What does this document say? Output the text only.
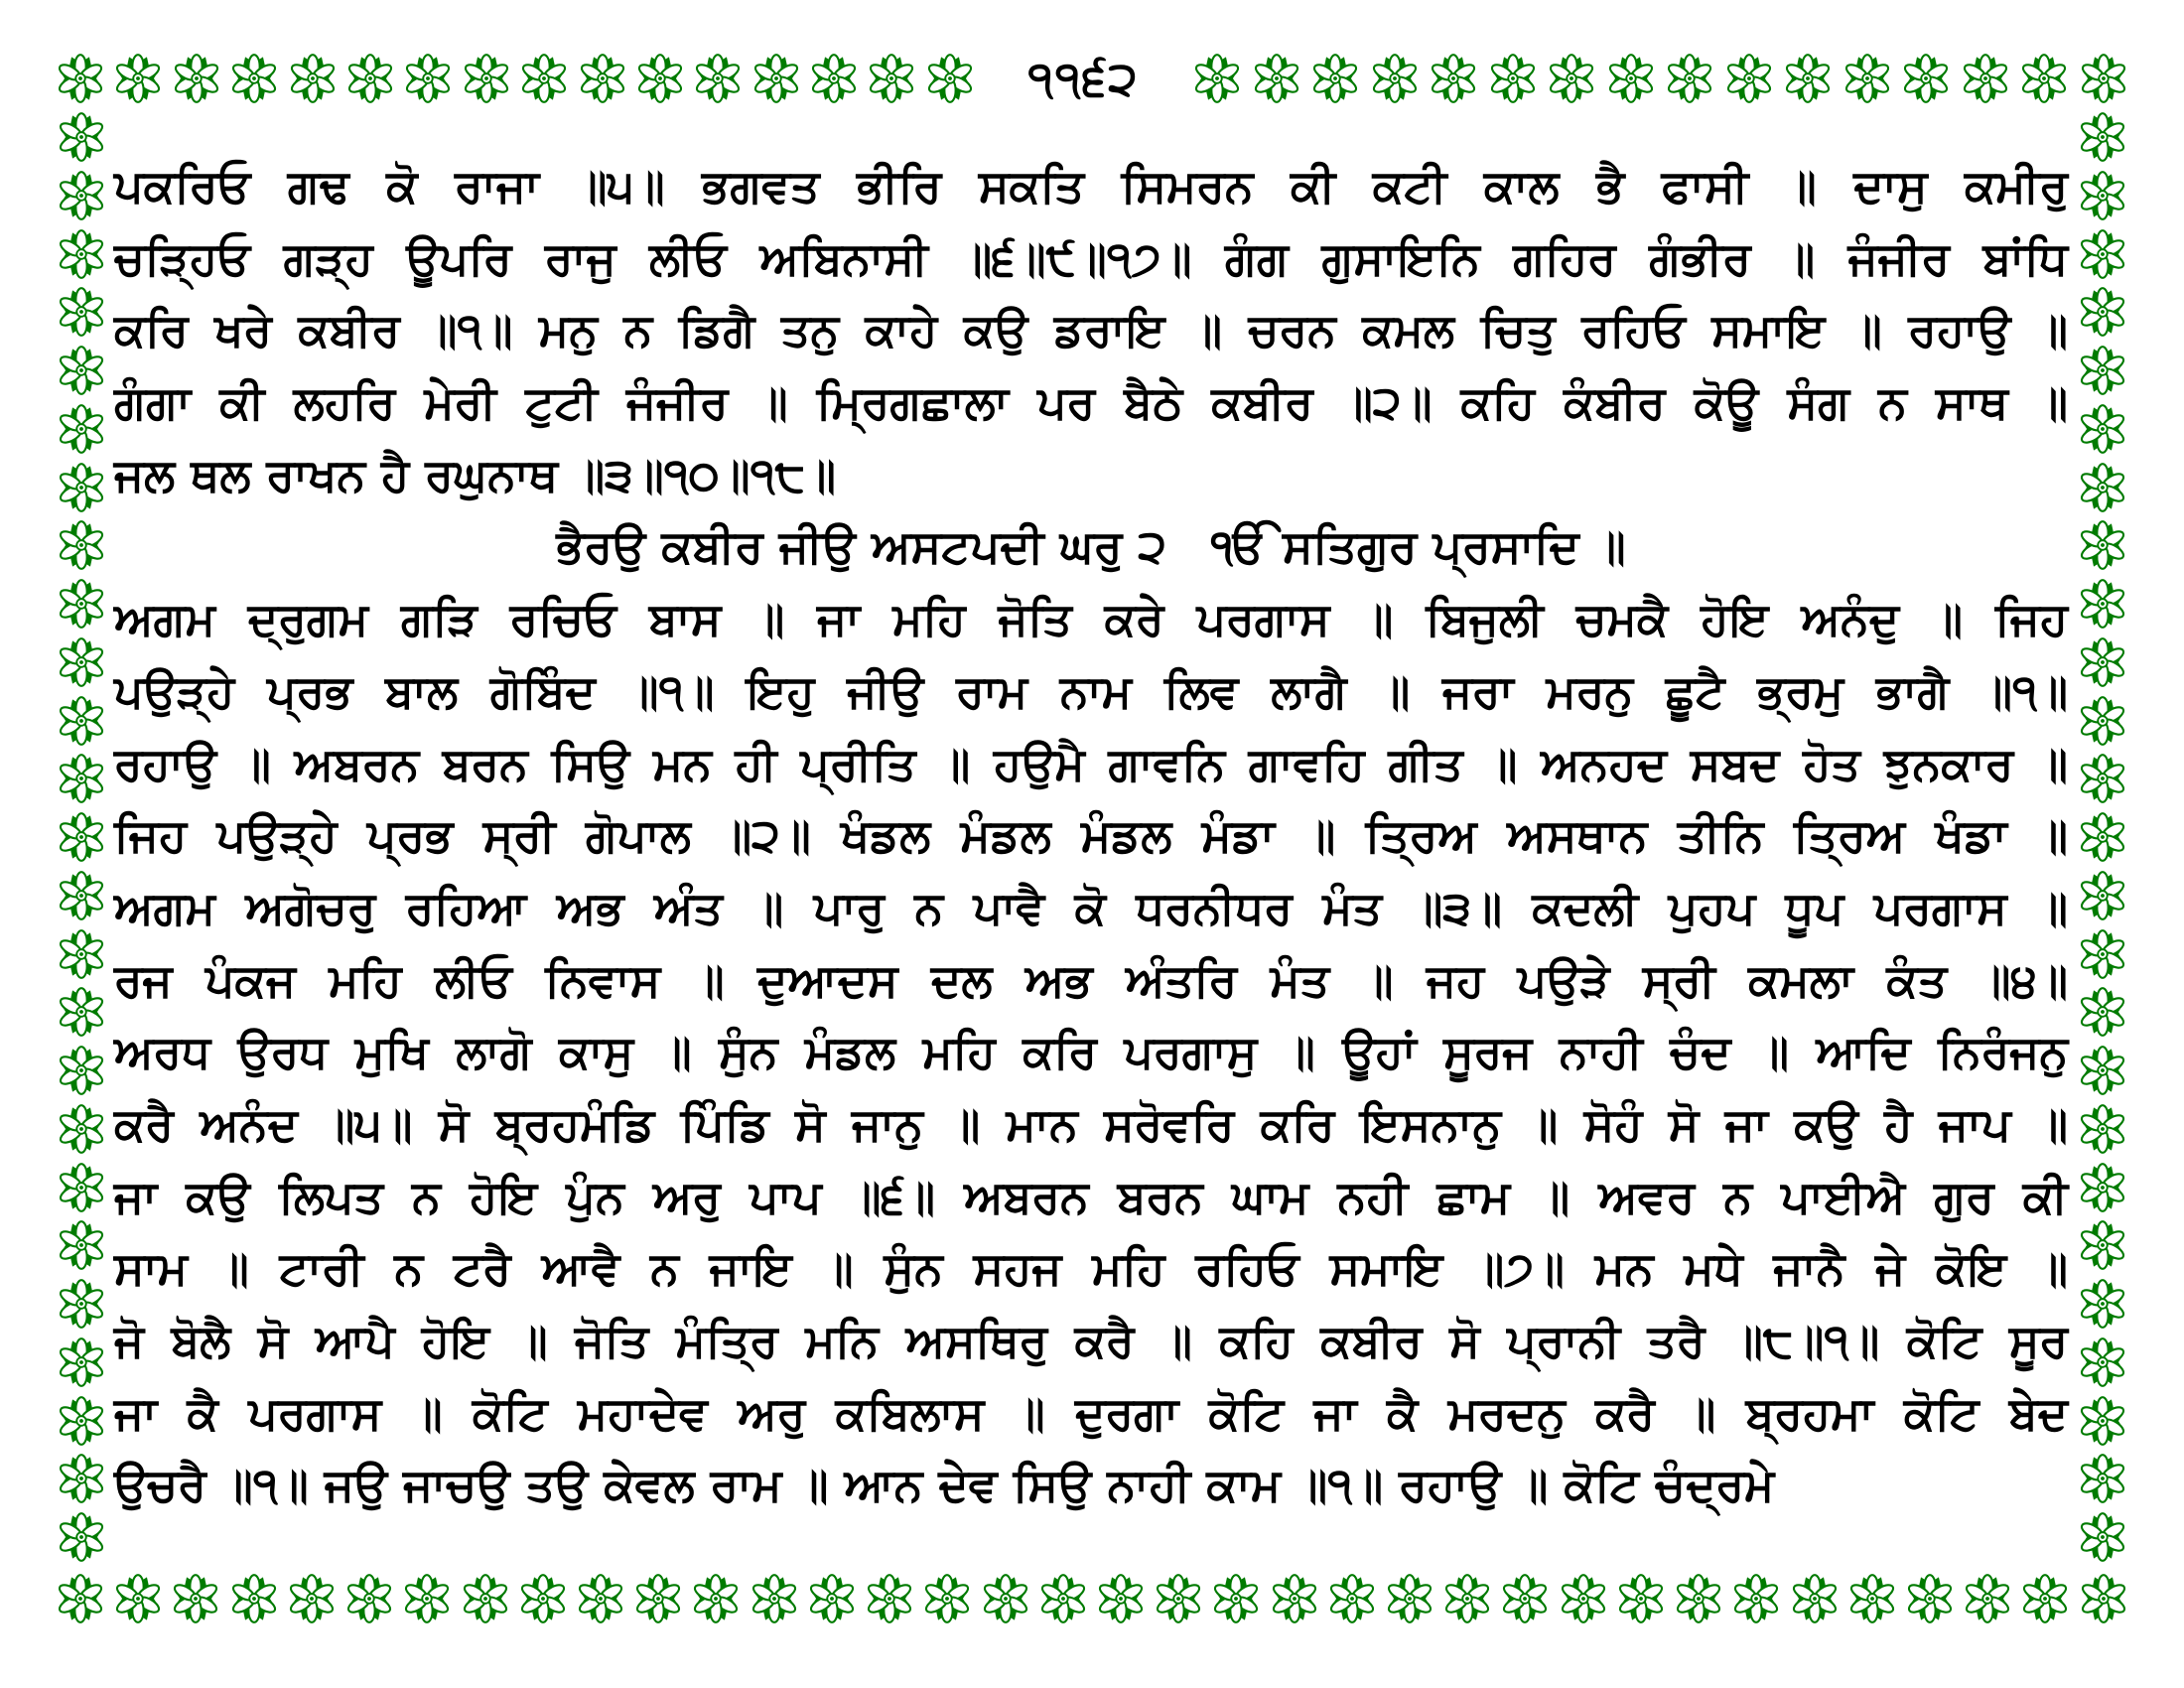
੧੧੬੨
ਪਕਰਿਓ ਗਢ ਕੋ ਰਾਜਾ ॥੫॥ ਭਗਵਤ ਭੀਰਿ ਸਕਤਿ ਸਿਮਰਨ ਕੀ ਕਟੀ ਕਾਲ ਭੈ ਫਾਸੀ ॥ ਦਾਸੁ ਕਮੀਰੁ
ਚੜ੍ਹਿਓ ਗੜ੍ਹ ਊਪਰਿ ਰਾਜੁ ਲੀਓ ਅਬਿਨਾਸੀ ॥੬॥੯॥੧੭॥ ਗੰਗ ਗੁਸਾਇਨਿ ਗਹਿਰ ਗੰਭੀਰ ॥ ਜੰਜੀਰ ਬਾਂਧਿ
ਕਰਿ ਖਰੇ ਕਬੀਰ ॥੧॥ ਮਨੁ ਨ ਡਿਗੈ ਤਨੁ ਕਾਹੇ ਕਉ ਡਰਾਇ ॥ ਚਰਨ ਕਮਲ ਚਿਤੁ ਰਹਿਓ ਸਮਾਇ ॥ ਰਹਾਉ ॥
ਗੰਗਾ ਕੀ ਲਹਰਿ ਮੇਰੀ ਟੁਟੀ ਜੰਜੀਰ ॥ ਮ੍ਰਿਗਛਾਲਾ ਪਰ ਬੈਠੇ ਕਬੀਰ ॥੨॥ ਕਹਿ ਕੰਬੀਰ ਕੋਊ ਸੰਗ ਨ ਸਾਥ ॥
ਜਲ ਥਲ ਰਾਖਨ ਹੈ ਰਘੁਨਾਥ ॥੩॥੧੦॥੧੮॥
ਭੈਰਉ ਕਬੀਰ ਜੀਉ ਅਸਟਪਦੀ ਘਰੁ ੨ ੴ ਸਤਿਗੁਰ ਪ੍ਰਸਾਦਿ ॥
ਅਗਮ ਦ੍ਰੁਗਮ ਗੜਿ ਰਚਿਓ ਬਾਸ ॥ ਜਾ ਮਹਿ ਜੋਤਿ ਕਰੇ ਪਰਗਾਸ ॥ ਬਿਜੁਲੀ ਚਮਕੈ ਹੋਇ ਅਨੰਦੁ ॥ ਜਿਹ
ਪਉੜ੍ਹੇ ਪ੍ਰਭ ਬਾਲ ਗੋਬਿੰਦ ॥੧॥ ਇਹੁ ਜੀਉ ਰਾਮ ਨਾਮ ਲਿਵ ਲਾਗੈ ॥ ਜਰਾ ਮਰਨੁ ਛੂਟੈ ਭ੍ਰਮੁ ਭਾਗੈ ॥੧॥
ਰਹਾਉ ॥ ਅਬਰਨ ਬਰਨ ਸਿਉ ਮਨ ਹੀ ਪ੍ਰੀਤਿ ॥ ਹਉਮੈ ਗਾਵਨਿ ਗਾਵਹਿ ਗੀਤ ॥ ਅਨਹਦ ਸਬਦ ਹੋਤ ਝੁਨਕਾਰ ॥
ਜਿਹ ਪਉੜ੍ਹੇ ਪ੍ਰਭ ਸ੍ਰੀ ਗੋਪਾਲ ॥੨॥ ਖੰਡਲ ਮੰਡਲ ਮੰਡਲ ਮੰਡਾ ॥ ਤ੍ਰਿਅ ਅਸਥਾਨ ਤੀਨਿ ਤ੍ਰਿਅ ਖੰਡਾ ॥
ਅਗਮ ਅਗੋਚਰੁ ਰਹਿਆ ਅਭ ਅੰਤ ॥ ਪਾਰੁ ਨ ਪਾਵੈ ਕੋ ਧਰਨੀਧਰ ਮੰਤ ॥੩॥ ਕਦਲੀ ਪੁਹਪ ਧੂਪ ਪਰਗਾਸ ॥
ਰਜ ਪੰਕਜ ਮਹਿ ਲੀਓ ਨਿਵਾਸ ॥ ਦੁਆਦਸ ਦਲ ਅਭ ਅੰਤਰਿ ਮੰਤ ॥ ਜਹ ਪਉੜੇ ਸ੍ਰੀ ਕਮਲਾ ਕੰਤ ॥੪॥
ਅਰਧ ਉਰਧ ਮੁਖਿ ਲਾਗੋ ਕਾਸੁ ॥ ਸੁੰਨ ਮੰਡਲ ਮਹਿ ਕਰਿ ਪਰਗਾਸੁ ॥ ਊਹਾਂ ਸੂਰਜ ਨਾਹੀ ਚੰਦ ॥ ਆਦਿ ਨਿਰੰਜਨੁ
ਕਰੈ ਅਨੰਦ ॥੫॥ ਸੋ ਬ੍ਰਹਮੰਡਿ ਪਿੰਡਿ ਸੋ ਜਾਨੁ ॥ ਮਾਨ ਸਰੋਵਰਿ ਕਰਿ ਇਸਨਾਨੁ ॥ ਸੋਹੰ ਸੋ ਜਾ ਕਉ ਹੈ ਜਾਪ ॥
ਜਾ ਕਉ ਲਿਪਤ ਨ ਹੋਇ ਪੁੰਨ ਅਰੁ ਪਾਪ ॥੬॥ ਅਬਰਨ ਬਰਨ ਘਾਮ ਨਹੀ ਛਾਮ ॥ ਅਵਰ ਨ ਪਾਈਐ ਗੁਰ ਕੀ
ਸਾਮ ॥ ਟਾਰੀ ਨ ਟਰੈ ਆਵੈ ਨ ਜਾਇ ॥ ਸੁੰਨ ਸਹਜ ਮਹਿ ਰਹਿਓ ਸਮਾਇ ॥੭॥ ਮਨ ਮਧੇ ਜਾਨੈ ਜੇ ਕੋਇ ॥
ਜੋ ਬੋਲੈ ਸੋ ਆਪੈ ਹੋਇ ॥ ਜੋਤਿ ਮੰਤ੍ਰਿ ਮਨਿ ਅਸਥਿਰੁ ਕਰੈ ॥ ਕਹਿ ਕਬੀਰ ਸੋ ਪ੍ਰਾਨੀ ਤਰੈ ॥੮॥੧॥ ਕੋਟਿ ਸੂਰ
ਜਾ ਕੈ ਪਰਗਾਸ ॥ ਕੋਟਿ ਮਹਾਦੇਵ ਅਰੁ ਕਬਿਲਾਸ ॥ ਦੁਰਗਾ ਕੋਟਿ ਜਾ ਕੈ ਮਰਦਨੁ ਕਰੈ ॥ ਬ੍ਰਹਮਾ ਕੋਟਿ ਬੇਦ
ਉਚਰੈ ॥੧॥ ਜਉ ਜਾਚਉ ਤਉ ਕੇਵਲ ਰਾਮ ॥ ਆਨ ਦੇਵ ਸਿਉ ਨਾਹੀ ਕਾਮ ॥੧॥ ਰਹਾਉ ॥ ਕੋਟਿ ਚੰਦ੍ਰਮੇ
